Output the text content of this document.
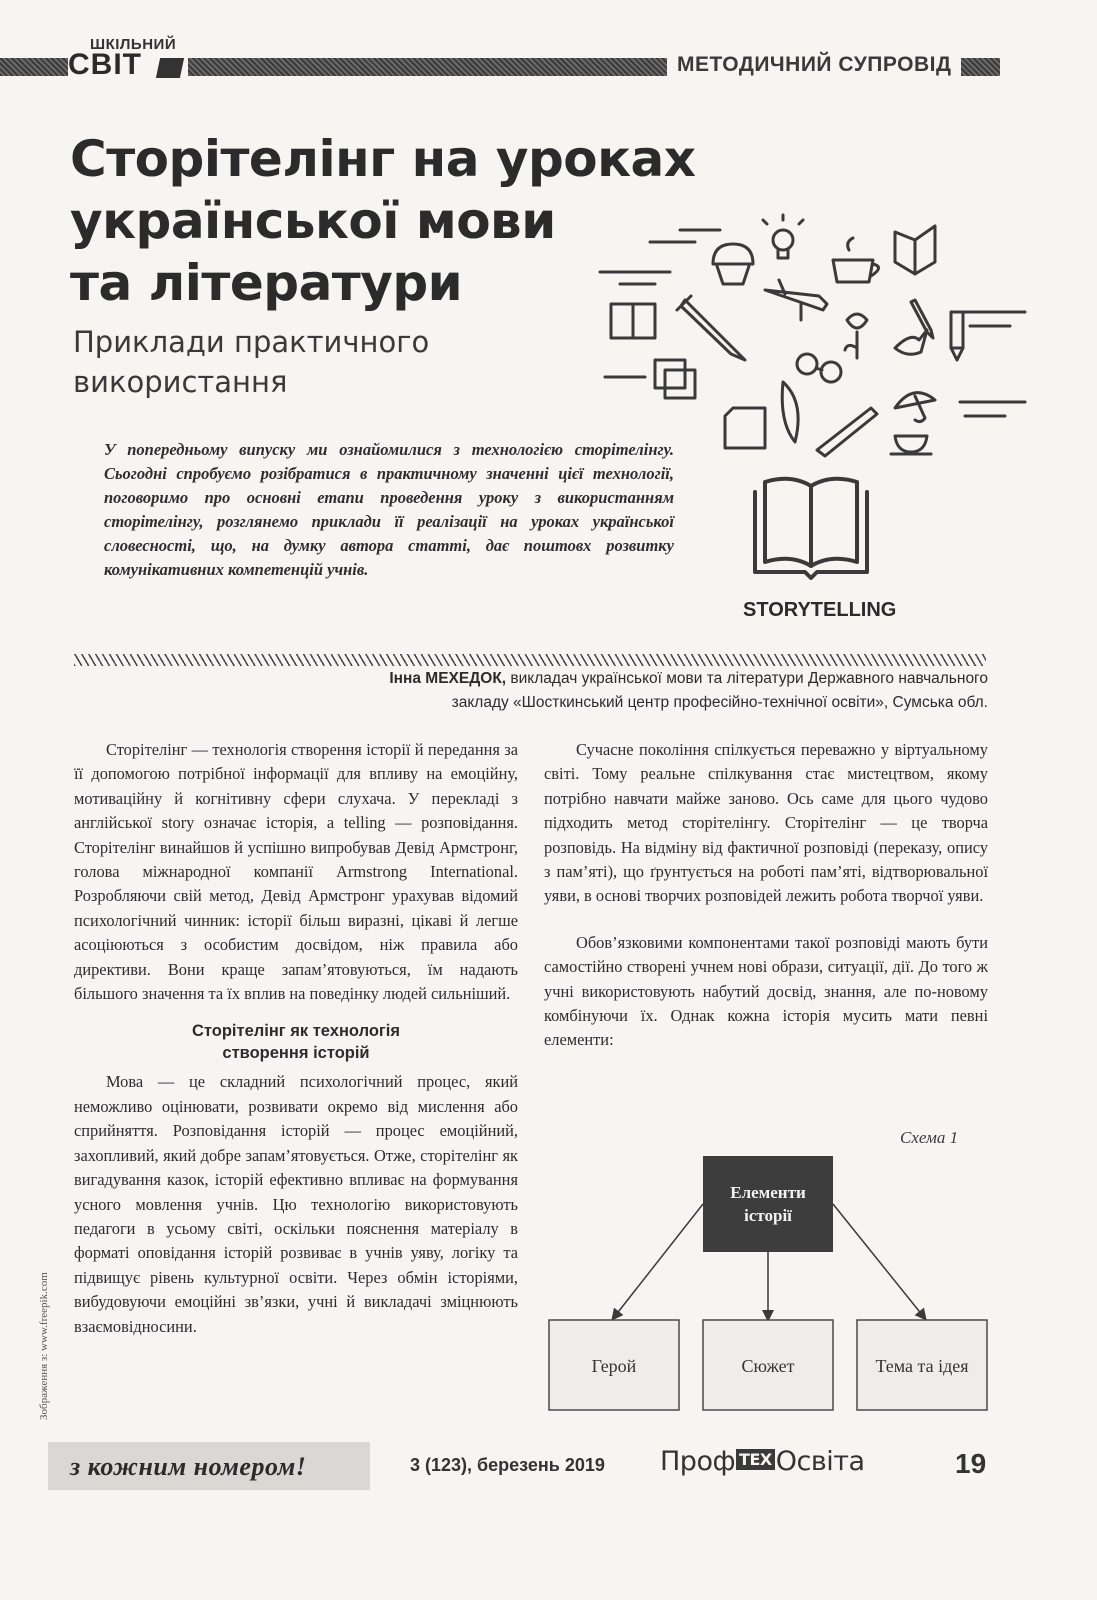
ШКІЛЬНИЙ
СВІТ	МЕТОДИЧНИЙ СУПРОВІД
Сторітелінг на уроках
української мови
та літератури
Приклади практичного
використання
У попередньому випуску ми ознайомилися з технологією сторітелінгу. Сьогодні спробуємо розібратися в практичному значенні цієї технології, поговоримо про основні етапи проведення уроку з використанням сторітелінгу, розглянемо приклади її реалізації на уроках української словесності, що, на думку автора статті, дає поштовх розвитку комунікативних компетенцій учнів.
STORYTELLING
Інна МЕХЕДОК, викладач української мови та літератури Державного навчального
закладу «Шосткинський центр професійно-технічної освіти», Сумська обл.

Сторітелінг — технологія створення історії й передання за її допомогою потрібної інформації для впливу на емоційну, мотиваційну й когнітивну сфери слухача. У перекладі з англійської story означає історія, а telling — розповідання. Сторітелінг винайшов й успішно випробував Девід Армстронг, голова міжнародної компанії Armstrong International. Розробляючи свій метод, Девід Армстронг урахував відомий психологічний чинник: історії більш виразні, цікаві й легше асоціюються з особистим досвідом, ніж правила або директиви. Вони краще запам’ятовуються, їм надають більшого значення та їх вплив на поведінку людей сильніший.

Сторітелінг як технологія
створення історій

Мова — це складний психологічний процес, який неможливо оцінювати, розвивати окремо від мислення або сприйняття. Розповідання історій — процес емоційний, захопливий, який добре запам’ятовується. Отже, сторітелінг як вигадування казок, історій ефективно впливає на формування усного мовлення учнів. Цю технологію використовують педагоги в усьому світі, оскільки пояснення матеріалу в форматі оповідання історій розвиває в учнів уяву, логіку та підвищує рівень культурної освіти. Через обмін історіями, вибудовуючи емоційні зв’язки, учні й викладачі зміцнюють взаємовідносини.

Сучасне покоління спілкується переважно у віртуальному світі. Тому реальне спілкування стає мистецтвом, якому потрібно навчати майже заново. Ось саме для цього чудово підходить метод сторітелінгу. Сторітелінг — це творча розповідь. На відміну від фактичної розповіді (переказу, опису з пам’яті), що ґрунтується на роботі пам’яті, відтворювальної уяви, в основі творчих розповідей лежить робота творчої уяви.

Обов’язковими компонентами такої розповіді мають бути самостійно створені учнем нові образи, ситуації, дії. До того ж учні використовують набутий досвід, знання, але по-новому комбінуючи їх. Однак кожна історія мусить мати певні елементи:

Схема 1
Елементи
історії
Герой	Сюжет	Тема та ідея
Зображення з: www.freepik.com
з кожним номером!	3 (123), березень 2019 Проф ТЕХ Освіта	19
